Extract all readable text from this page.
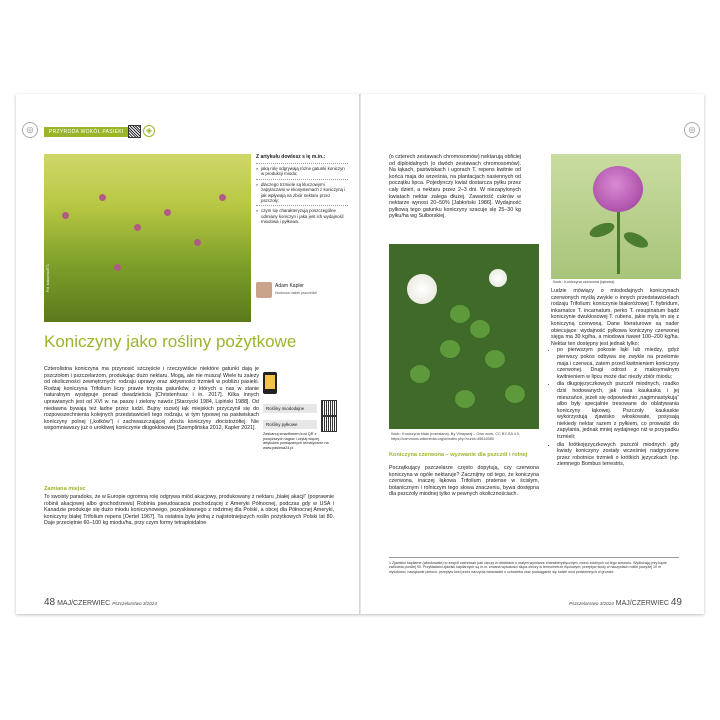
◎	PRZYRODA WOKÓŁ PASIEKI	◈
Fot. ibakurnou971
Z artykułu dowiesz s ię m.in.:
» jaką rolę odgrywają różne gatunki koniczyn w produkcji miodu;
» dlaczego trzmiele są kluczowymi zapylaczami w ekosystemach z koniczyną i jak wpływają na zbiór nektaru przez pszczoły;
» czym się charakteryzują poszczególne odmiany koniczyn i jaka jest ich wydajność miodowa i pyłkowa.
Adam Kapler
Hodowca matek pszczelich
Koniczyny jako rośliny pożytkowe
Czterolistna koniczyna ma przynosić szczęście i rzeczywiście niektóre gatunki dają je pszczołom i pszczelarzom, produkując dużo nektaru. Mogą, ale nie muszą! Wiele tu zależy od okoliczności zewnętrznych: rodzaju uprawy oraz aktywności trzmieli w pobliżu pasieki. Rodzaj koniczyna Trifolium liczy prawie trzysta gatunków, z których u nas w stanie naturalnym występuje ponad dwadzieścia [Christenhusz i in. 2017]. Kilka innych uprawianych jest od XVI w. na paszę i zielony nawóz [Starzycki 1984, Lipiński 1988]. Od niedawna bywają też ładne przez ludzi. Bujny rozwój łąk miejskich przyczynił się do rozpowszechnienia kolejnych przedstawicieli tego rodzaju, w tym typowej na pastwiskach koniczyny polnej („kotków”) i zachwaszczającej zboża koniczyny złocistożółtej. Nie wspomniawszy już o urokliwej koniczynie długokłosowej [Szemplińska 2012, Kapler 2021].
Rośliny miododajne
Rośliny pyłkowe
Zeskanuj smartfonem kod QR z powyższych tagów i czytaj więcej artykułów powiązanych tematycznie na www.pasieka24.pl
Zamiana miejsc
To swoisty paradoks, że w Europie ogromną rolę odgrywa miód akacjowy, produkowany z nektaru „białej akacji” (poprawnie robinii akacjowej albo grochodrzewu) Robinia pseudoacacia pochodzącej z Ameryki Północnej, podczas gdy w USA i Kanadzie produkuje się dużo miodu koniczynowego, pozyskiwanego z rodzimej dla Polski, a obcej dla Północnej Ameryki, koniczyny białej Trifolium repens [Oertel 1967]. Ta ostatnia była jedną z najistotniejszych roślin pożytkowych Polski lat 80. Daje przeciętnie 60–100 kg miodu/ha, przy czym formy tetraploidalne
48 MAJ/CZERWIEC Pszczelarstwo 3/2024
◎
(o czterech zestawach chromosomów) nektarują obficiej od diploidalnych (o dwóch zestawach chromosomów). Na łąkach, pastwiskach i ugorach T. repens kwitnie od końca maja do września, na plantacjach nasiennych od początku lipca. Pojedynczy kwiat dostarcza pyłku przez cały dzień, a nektaru przez 2–3 dni. W niezapylonych kwiatach nektar zalega dłużej. Zawartość cukrów w nektarze wynosi 20–50% [Jabłoński 1986]. Wydajność pyłkową tego gatunku koniczyny szacuje się 25–30 kg pyłku/ha wg Sulborskiej.
Ilustr.: Koniczyna czerwona (łąkowa)
Ilustr.: Koniczyna biała (rozesłana). By Vinayaraj – Own work, CC BY-SA 4.0, https://commons.wikimedia.org/w/index.php?curid=45616380
Koniczyna czerwona – wyzwanie dla pszczół i rolnej
Początkujący pszczelarze często dopytują, czy czerwona koniczyna w ogóle nektaruje? Zacznijmy od tego, że koniczyna czerwona, inaczej łąkowa Trifolium pratense w ścisłym, botanicznym i rolniczym tego słowa znaczeniu, bywa dostępna dla pszczoły miodnej tylko w pewnych okolicznościach.
Ludzie mówiący o miododajnych koniczynach czerwonych myślą zwykle o innych przedstawicielach rodzaju Trifolium: koniczynie białoróżowej T. hybridum, inkarnatce T. incarnatum, perko T. resupinatum bądź koniczynie dwukłosowej T. rubens, jakie mylą im się z koniczyną czerwoną. Dane literaturowe są nader obiecujące: wydajność pyłkowa koniczyny czerwonej sięga ma 30 kg/ha, a miodowa nawet 100–200 kg/ha. Nektar ten dostępny jest jednak tylko:
• po pierwszym pokosie łąki lub miedzy, gdyż pierwszy pokos odbywa się zwykle na przełomie maja i czerwca, zatem przed kwitnieniem koniczyny czerwonej. Drugi odrost z maksymalnym kwitnieniem w lipcu może dać niezły zbiór miodu;
• dla długojęzyczkowych pszczół miodnych, rzadko dziś hodowanych, jak rasa kaukaska i jej mieszańce, jeżeli się odpowiednio „nagimnastykują” albo były specjalnie tresowane do oblatywania koniczyny łąkowej. Pszczoły kaukaskie wykorzystują zjawisko włoskowate, posysają niekiedy nektar razem z pyłkiem, co prowadzi do zapylania, jednak mniej wydajnego niż w przypadku trzmieli;
• dla krótkojęzyczkowych pszczół miodnych gdy kwiaty koniczyny zostały wcześniej nadgryzione przez robotnice trzmieli o krótkich języczkach (np. ziemnego Bombus terrestris,
1 Zjawisko kapilarne (włoskowate) to zespół zachowań pari cieczy w obiektach o małym wymiarze charakterystycznym, mono zdolnych od tego wzrosnu. Wydłużają przy kącie zwilżania poniżej 90. Przykładami zjawisk kapilarnych są m.in. zmiana wysokości słupa cieczy w termometrze rtęciowym, przepływ wody w naczyniach roślin powyżej 10 m wysokości, nasiąkanie pieluch, przepływ krwi przez naczynia włosowate u człowieka oraz podciąganie się ludzie wód podziemnych w gruncie.
Pszczelarstwo 3/2024 MAJ/CZERWIEC 49
